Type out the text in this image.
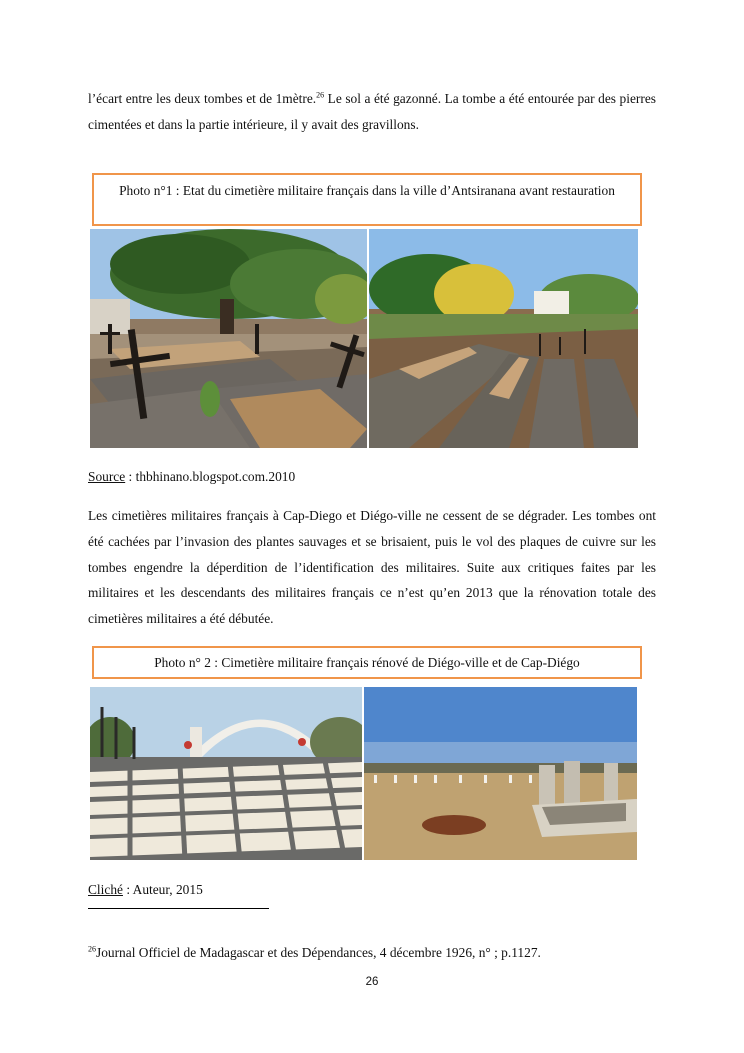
l’écart entre les deux tombes et de 1mètre.$^{26}$ Le sol a été gazonné. La tombe a été entourée par des pierres cimentées et dans la partie intérieure, il y avait des gravillons.

Photo n°1 : Etat du cimetière militaire français dans la ville d’Antsiranana avant restauration
Source : thbhinano.blogspot.com.2010

Les cimetières militaires français à Cap-Diego et Diégo-ville ne cessent de se dégrader. Les tombes ont été cachées par l’invasion des plantes sauvages et se brisaient, puis le vol des plaques de cuivre sur les tombes engendre la déperdition de l’identification des militaires. Suite aux critiques faites par les militaires et les descendants des militaires français ce n’est qu’en 2013 que la rénovation totale des cimetières militaires a été débutée.

Photo n° 2 : Cimetière militaire français rénové de Diégo-ville et de Cap-Diégo
Cliché : Auteur, 2015
$^{26}$Journal Officiel de Madagascar et des Dépendances, 4 décembre 1926, n° ; p.1127.
26
